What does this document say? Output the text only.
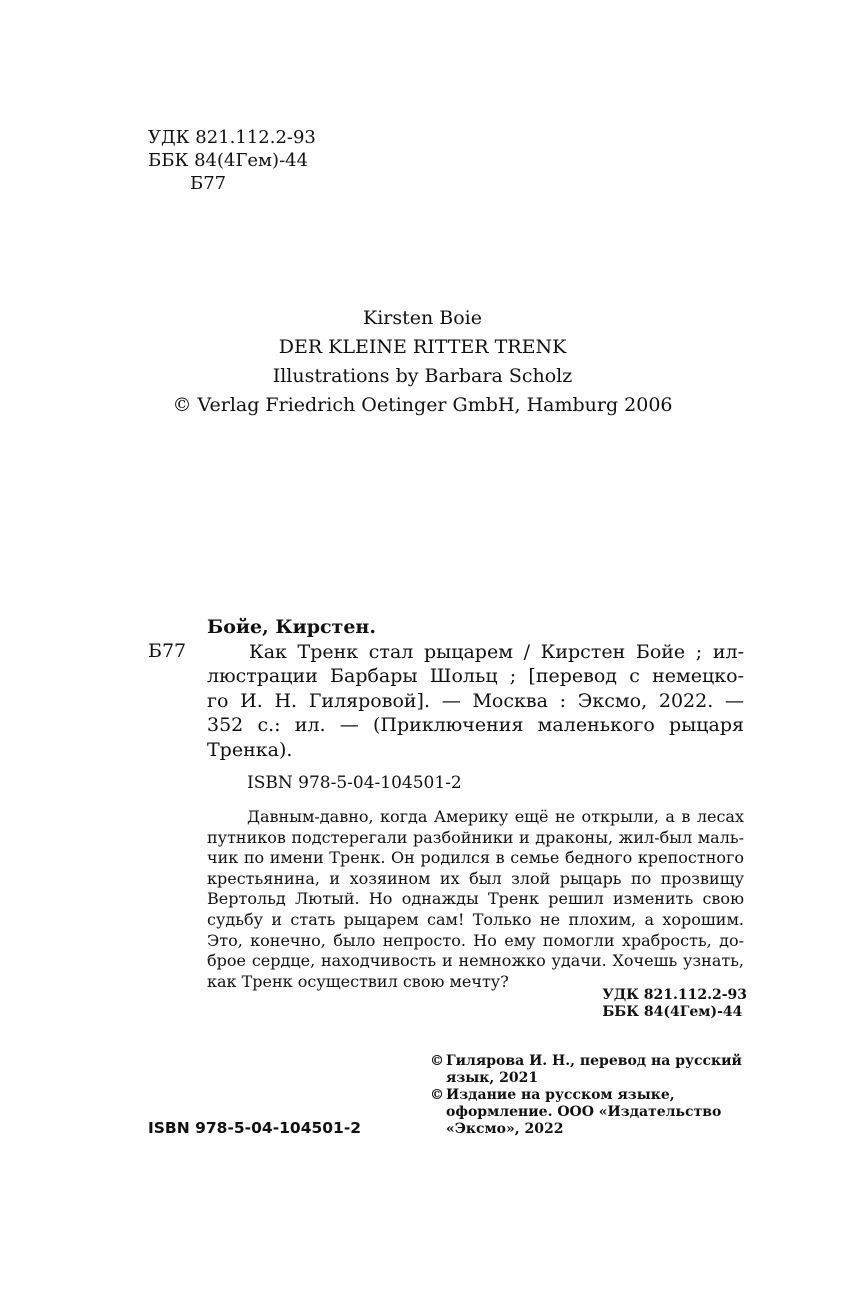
УДК 821.112.2-93
ББК 84(4Гем)-44
Б77
Kirsten Boie
DER KLEINE RITTER TRENK
Illustrations by Barbara Scholz
© Verlag Friedrich Oetinger GmbH, Hamburg 2006
Бойе, Кирстен.
Б77	Как Тренк стал рыцарем / Кирстен Бойе ; ил-
люстрации Барбары Шольц ; [перевод с немецко-
го И. Н. Гиляровой]. — Москва : Эксмо, 2022. —
352 с.: ил. — (Приключения маленького рыцаря
Тренка).
ISBN 978-5-04-104501-2
Давным-давно, когда Америку ещё не открыли, а в лесах
путников подстерегали разбойники и драконы, жил-был маль-
чик по имени Тренк. Он родился в семье бедного крепостного
крестьянина, и хозяином их был злой рыцарь по прозвищу
Вертольд Лютый. Но однажды Тренк решил изменить свою
судьбу и стать рыцарем сам! Только не плохим, а хорошим.
Это, конечно, было непросто. Но ему помогли храбрость, до-
брое сердце, находчивость и немножко удачи. Хочешь узнать,
как Тренк осуществил свою мечту?
УДК 821.112.2-93
ББК 84(4Гем)-44
© Гилярова И. Н., перевод на русский
язык, 2021
© Издание на русском языке,
оформление. ООО «Издательство
«Эксмо», 2022
ISBN 978-5-04-104501-2
